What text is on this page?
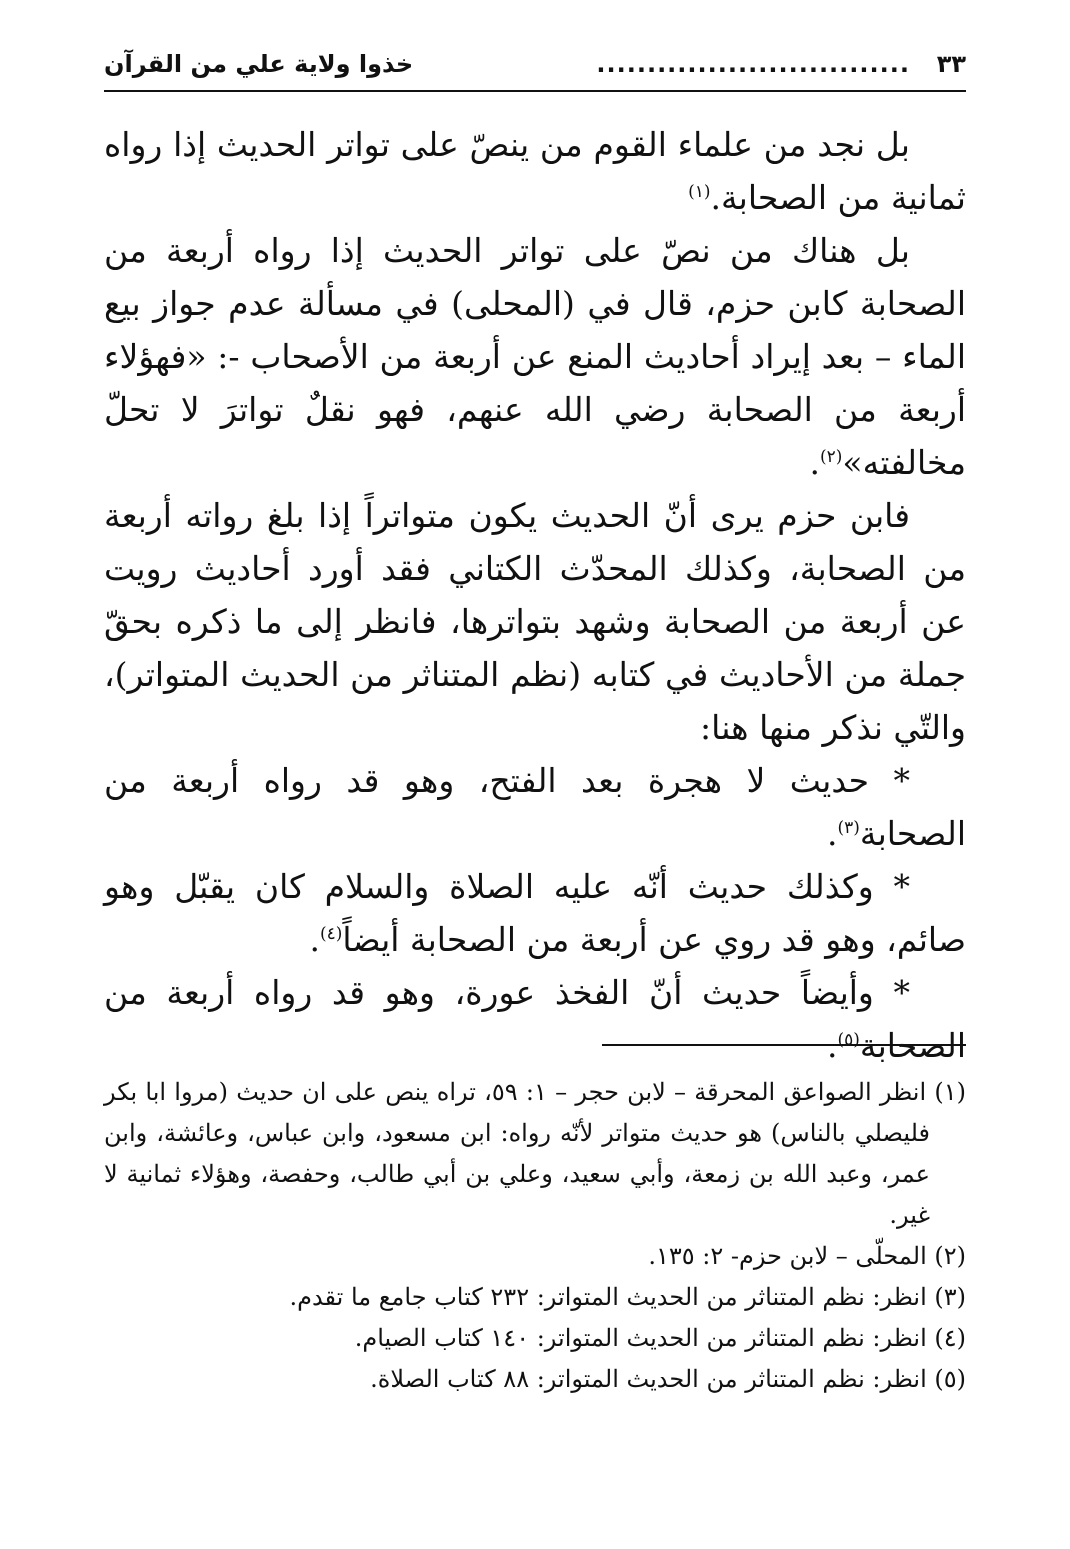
٣٣
...............................
خذوا ولاية علي من القرآن

بل نجد من علماء القوم من ينصّ على تواتر الحديث إذا رواه ثمانية من الصحابة.$^{(١)}$

بل هناك من نصّ على تواتر الحديث إذا رواه أربعة من الصحابة كابن حزم، قال في (المحلى) في مسألة عدم جواز بيع الماء – بعد إيراد أحاديث المنع عن أربعة من الأصحاب -: «فهؤلاء أربعة من الصحابة رضي الله عنهم، فهو نقلٌ تواترَ لا تحلّ مخالفته»$^{(٢)}$.

فابن حزم يرى أنّ الحديث يكون متواتراً إذا بلغ رواته أربعة من الصحابة، وكذلك المحدّث الكتاني فقد أورد أحاديث رويت عن أربعة من الصحابة وشهد بتواترها، فانظر إلى ما ذكره بحقّ جملة من الأحاديث في كتابه (نظم المتناثر من الحديث المتواتر)، والتّي نذكر منها هنا:

* حديث لا هجرة بعد الفتح، وهو قد رواه أربعة من الصحابة$^{(٣)}$.

* وكذلك حديث أنّه عليه الصلاة والسلام كان يقبّل وهو صائم، وهو قد روي عن أربعة من الصحابة أيضاً$^{(٤)}$.

* وأيضاً حديث أنّ الفخذ عورة، وهو قد رواه أربعة من الصحابة$^{(٥)}$.

(١) انظر الصواعق المحرقة – لابن حجر – ١: ٥٩، تراه ينص على ان حديث (مروا ابا بكر فليصلي بالناس) هو حديث متواتر لأنّه رواه: ابن مسعود، وابن عباس، وعائشة، وابن عمر، وعبد الله بن زمعة، وأبي سعيد، وعلي بن أبي طالب، وحفصة، وهؤلاء ثمانية لا غير.

(٢) المحلّى – لابن حزم- ٢: ١٣٥.

(٣) انظر: نظم المتناثر من الحديث المتواتر: ٢٣٢ كتاب جامع ما تقدم.

(٤) انظر: نظم المتناثر من الحديث المتواتر: ١٤٠ كتاب الصيام.

(٥) انظر: نظم المتناثر من الحديث المتواتر: ٨٨ كتاب الصلاة.
